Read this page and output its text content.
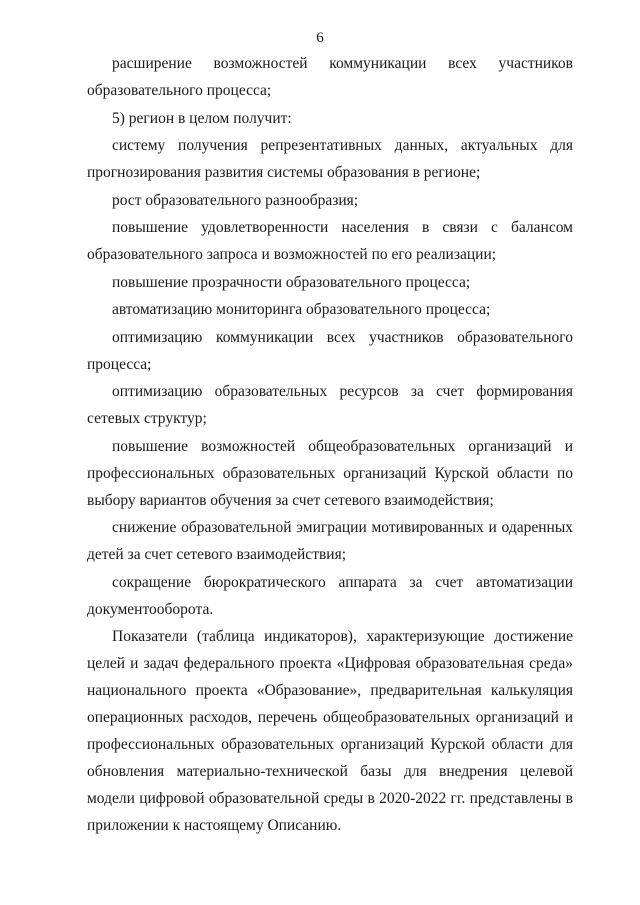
6

расширение возможностей коммуникации всех участников образовательного процесса;

5) регион в целом получит:

систему получения репрезентативных данных, актуальных для прогнозирования развития системы образования в регионе;

рост образовательного разнообразия;

повышение удовлетворенности населения в связи с балансом образовательного запроса и возможностей по его реализации;

повышение прозрачности образовательного процесса;

автоматизацию мониторинга образовательного процесса;

оптимизацию коммуникации всех участников образовательного процесса;

оптимизацию образовательных ресурсов за счет формирования сетевых структур;

повышение возможностей общеобразовательных организаций и профессиональных образовательных организаций Курской области по выбору вариантов обучения за счет сетевого взаимодействия;

снижение образовательной эмиграции мотивированных и одаренных детей за счет сетевого взаимодействия;

сокращение бюрократического аппарата за счет автоматизации документооборота.

Показатели (таблица индикаторов), характеризующие достижение целей и задач федерального проекта «Цифровая образовательная среда» национального проекта «Образование», предварительная калькуляция операционных расходов, перечень общеобразовательных организаций и профессиональных образовательных организаций Курской области для обновления материально-технической базы для внедрения целевой модели цифровой образовательной среды в 2020-2022 гг. представлены в приложении к настоящему Описанию.
